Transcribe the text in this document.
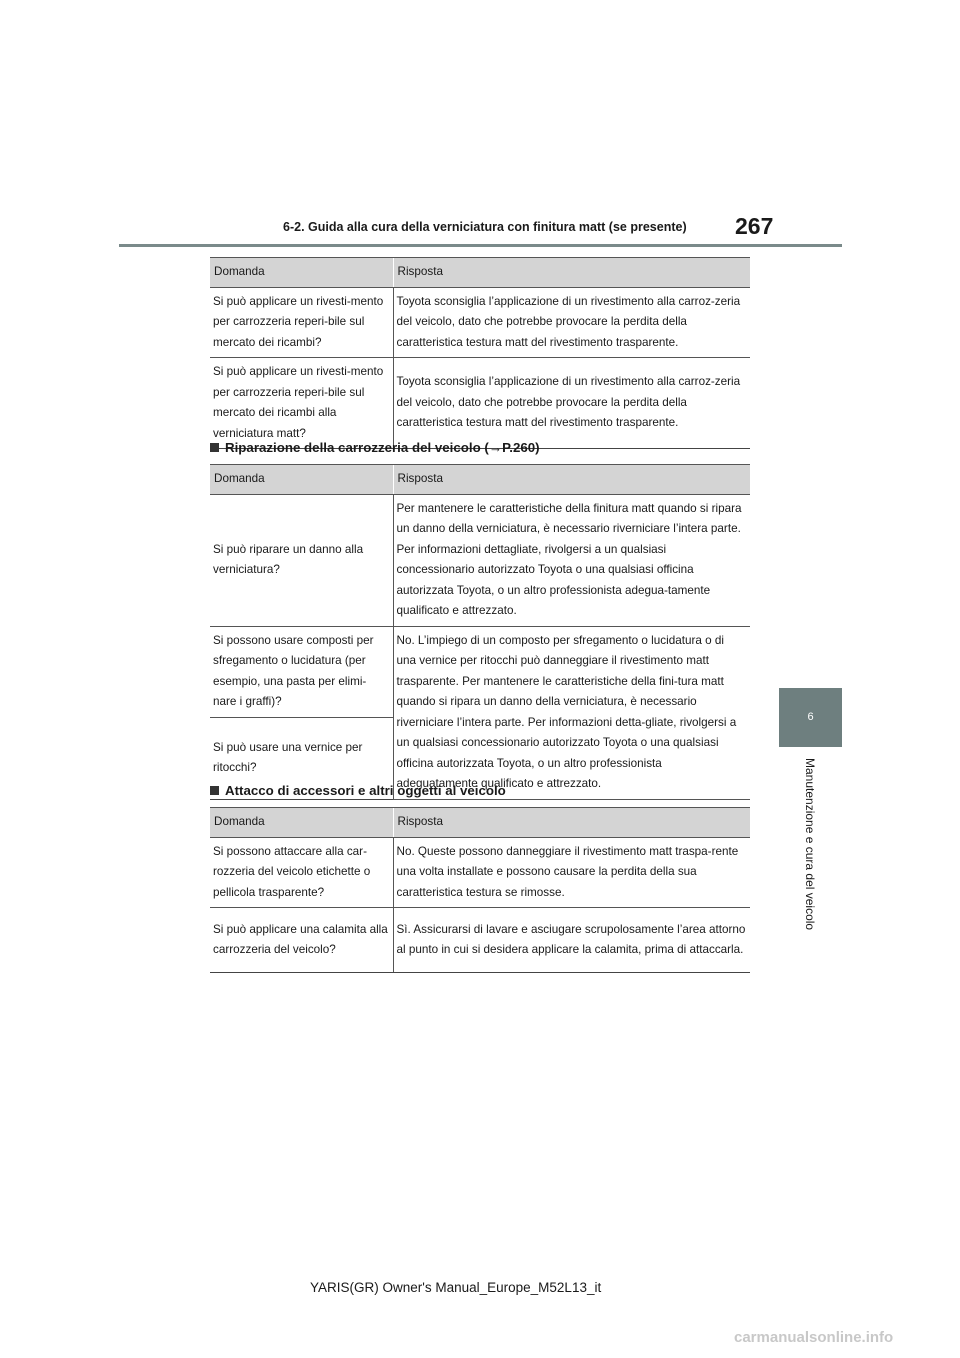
267
6-2. Guida alla cura della verniciatura con finitura matt (se presente)
6
Manutenzione e cura del veicolo
Domanda	Risposta
Si può applicare un rivesti-mento per carrozzeria reperi-bile sul mercato dei ricambi?	Toyota sconsiglia l’applicazione di un rivestimento alla carroz-zeria del veicolo, dato che potrebbe provocare la perdita della caratteristica testura matt del rivestimento trasparente.
Si può applicare un rivesti-mento per carrozzeria reperi-bile sul mercato dei ricambi alla verniciatura matt?	Toyota sconsiglia l’applicazione di un rivestimento alla carroz-zeria del veicolo, dato che potrebbe provocare la perdita della caratteristica testura matt del rivestimento trasparente.
Riparazione della carrozzeria del veicolo (→P.260)
Domanda	Risposta
Si può riparare un danno alla verniciatura?	Per mantenere le caratteristiche della finitura matt quando si ripara un danno della verniciatura, è necessario riverniciare l’intera parte. Per informazioni dettagliate, rivolgersi a un qualsiasi concessionario autorizzato Toyota o una qualsiasi officina autorizzata Toyota, o un altro professionista adegua-tamente qualificato e attrezzato.
Si possono usare composti per sfregamento o lucidatura (per esempio, una pasta per elimi-nare i graffi)?	No. L’impiego di un composto per sfregamento o lucidatura o di una vernice per ritocchi può danneggiare il rivestimento matt trasparente. Per mantenere le caratteristiche della fini-tura matt quando si ripara un danno della verniciatura, è necessario riverniciare l’intera parte. Per informazioni detta-gliate, rivolgersi a un qualsiasi concessionario autorizzato Toyota o una qualsiasi officina autorizzata Toyota, o un altro professionista adeguatamente qualificato e attrezzato.
Si può usare una vernice per ritocchi?	
Attacco di accessori e altri oggetti al veicolo
Domanda	Risposta
Si possono attaccare alla car-rozzeria del veicolo etichette o pellicola trasparente?	No. Queste possono danneggiare il rivestimento matt traspa-rente una volta installate e possono causare la perdita della sua caratteristica testura se rimosse.
Si può applicare una calamita alla carrozzeria del veicolo?	Sì. Assicurarsi di lavare e asciugare scrupolosamente l’area attorno al punto in cui si desidera applicare la calamita, prima di attaccarla.
YARIS(GR) Owner's Manual_Europe_M52L13_it
carmanualsonline.info
